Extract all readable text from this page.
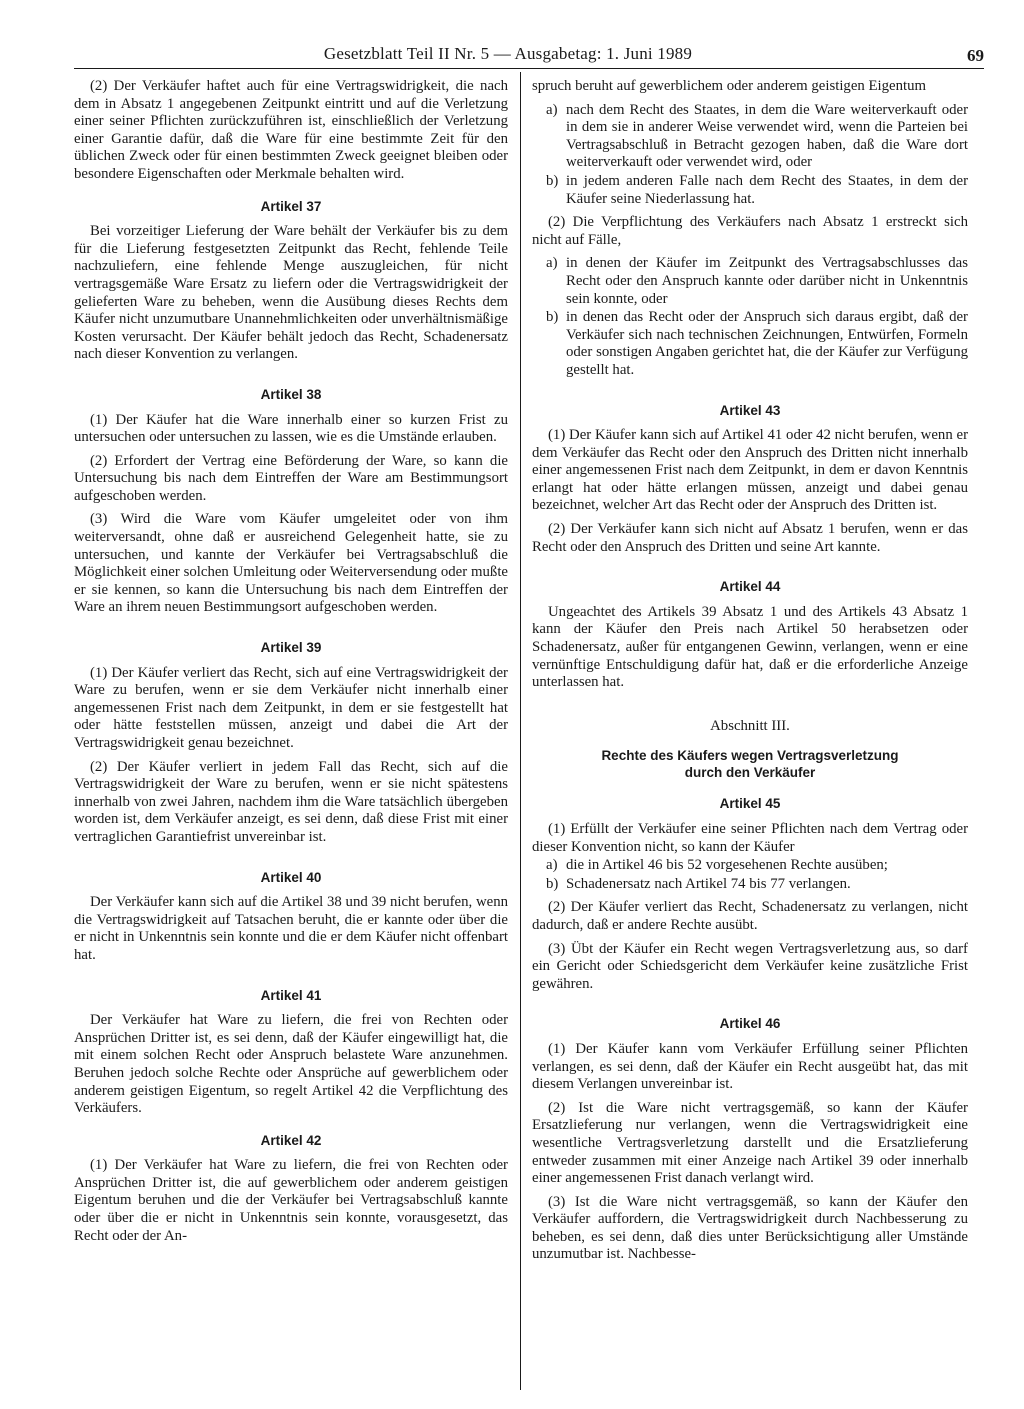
Gesetzblatt Teil II Nr. 5 — Ausgabetag: 1. Juni 1989	69

(2) Der Verkäufer haftet auch für eine Vertragswidrigkeit, die nach dem in Absatz 1 angegebenen Zeitpunkt eintritt und auf die Verletzung einer seiner Pflichten zurückzuführen ist, einschließlich der Verletzung einer Garantie dafür, daß die Ware für eine bestimmte Zeit für den üblichen Zweck oder für einen bestimmten Zweck geeignet bleiben oder besondere Eigenschaften oder Merkmale behalten wird.

Artikel 37

Bei vorzeitiger Lieferung der Ware behält der Verkäufer bis zu dem für die Lieferung festgesetzten Zeitpunkt das Recht, fehlende Teile nachzuliefern, eine fehlende Menge auszugleichen, für nicht vertragsgemäße Ware Ersatz zu liefern oder die Vertragswidrigkeit der gelieferten Ware zu beheben, wenn die Ausübung dieses Rechts dem Käufer nicht unzumutbare Unannehmlichkeiten oder unverhältnismäßige Kosten verursacht. Der Käufer behält jedoch das Recht, Schadenersatz nach dieser Konvention zu verlangen.

Artikel 38

(1) Der Käufer hat die Ware innerhalb einer so kurzen Frist zu untersuchen oder untersuchen zu lassen, wie es die Umstände erlauben.

(2) Erfordert der Vertrag eine Beförderung der Ware, so kann die Untersuchung bis nach dem Eintreffen der Ware am Bestimmungsort aufgeschoben werden.

(3) Wird die Ware vom Käufer umgeleitet oder von ihm weiterversandt, ohne daß er ausreichend Gelegenheit hatte, sie zu untersuchen, und kannte der Verkäufer bei Vertragsabschluß die Möglichkeit einer solchen Umleitung oder Weiterversendung oder mußte er sie kennen, so kann die Untersuchung bis nach dem Eintreffen der Ware an ihrem neuen Bestimmungsort aufgeschoben werden.

Artikel 39

(1) Der Käufer verliert das Recht, sich auf eine Vertragswidrigkeit der Ware zu berufen, wenn er sie dem Verkäufer nicht innerhalb einer angemessenen Frist nach dem Zeitpunkt, in dem er sie festgestellt hat oder hätte feststellen müssen, anzeigt und dabei die Art der Vertragswidrigkeit genau bezeichnet.

(2) Der Käufer verliert in jedem Fall das Recht, sich auf die Vertragswidrigkeit der Ware zu berufen, wenn er sie nicht spätestens innerhalb von zwei Jahren, nachdem ihm die Ware tatsächlich übergeben worden ist, dem Verkäufer anzeigt, es sei denn, daß diese Frist mit einer vertraglichen Garantiefrist unvereinbar ist.

Artikel 40

Der Verkäufer kann sich auf die Artikel 38 und 39 nicht berufen, wenn die Vertragswidrigkeit auf Tatsachen beruht, die er kannte oder über die er nicht in Unkenntnis sein konnte und die er dem Käufer nicht offenbart hat.

Artikel 41

Der Verkäufer hat Ware zu liefern, die frei von Rechten oder Ansprüchen Dritter ist, es sei denn, daß der Käufer eingewilligt hat, die mit einem solchen Recht oder Anspruch belastete Ware anzunehmen. Beruhen jedoch solche Rechte oder Ansprüche auf gewerblichem oder anderem geistigen Eigentum, so regelt Artikel 42 die Verpflichtung des Verkäufers.

Artikel 42

(1) Der Verkäufer hat Ware zu liefern, die frei von Rechten oder Ansprüchen Dritter ist, die auf gewerblichem oder anderem geistigen Eigentum beruhen und die der Verkäufer bei Vertragsabschluß kannte oder über die er nicht in Unkenntnis sein konnte, vorausgesetzt, das Recht oder der An-

spruch beruht auf gewerblichem oder anderem geistigen Eigentum

a) nach dem Recht des Staates, in dem die Ware weiterverkauft oder in dem sie in anderer Weise verwendet wird, wenn die Parteien bei Vertragsabschluß in Betracht gezogen haben, daß die Ware dort weiterverkauft oder verwendet wird, oder
b) in jedem anderen Falle nach dem Recht des Staates, in dem der Käufer seine Niederlassung hat.

(2) Die Verpflichtung des Verkäufers nach Absatz 1 erstreckt sich nicht auf Fälle,

a) in denen der Käufer im Zeitpunkt des Vertragsabschlusses das Recht oder den Anspruch kannte oder darüber nicht in Unkenntnis sein konnte, oder
b) in denen das Recht oder der Anspruch sich daraus ergibt, daß der Verkäufer sich nach technischen Zeichnungen, Entwürfen, Formeln oder sonstigen Angaben gerichtet hat, die der Käufer zur Verfügung gestellt hat.
Artikel 43

(1) Der Käufer kann sich auf Artikel 41 oder 42 nicht berufen, wenn er dem Verkäufer das Recht oder den Anspruch des Dritten nicht innerhalb einer angemessenen Frist nach dem Zeitpunkt, in dem er davon Kenntnis erlangt hat oder hätte erlangen müssen, anzeigt und dabei genau bezeichnet, welcher Art das Recht oder der Anspruch des Dritten ist.

(2) Der Verkäufer kann sich nicht auf Absatz 1 berufen, wenn er das Recht oder den Anspruch des Dritten und seine Art kannte.

Artikel 44

Ungeachtet des Artikels 39 Absatz 1 und des Artikels 43 Absatz 1 kann der Käufer den Preis nach Artikel 50 herabsetzen oder Schadenersatz, außer für entgangenen Gewinn, verlangen, wenn er eine vernünftige Entschuldigung dafür hat, daß er die erforderliche Anzeige unterlassen hat.

Abschnitt III.
Rechte des Käufers wegen Vertragsverletzung
durch den Verkäufer
Artikel 45

(1) Erfüllt der Verkäufer eine seiner Pflichten nach dem Vertrag oder dieser Konvention nicht, so kann der Käufer

a) die in Artikel 46 bis 52 vorgesehenen Rechte ausüben;
b) Schadenersatz nach Artikel 74 bis 77 verlangen.

(2) Der Käufer verliert das Recht, Schadenersatz zu verlangen, nicht dadurch, daß er andere Rechte ausübt.

(3) Übt der Käufer ein Recht wegen Vertragsverletzung aus, so darf ein Gericht oder Schiedsgericht dem Verkäufer keine zusätzliche Frist gewähren.

Artikel 46

(1) Der Käufer kann vom Verkäufer Erfüllung seiner Pflichten verlangen, es sei denn, daß der Käufer ein Recht ausgeübt hat, das mit diesem Verlangen unvereinbar ist.

(2) Ist die Ware nicht vertragsgemäß, so kann der Käufer Ersatzlieferung nur verlangen, wenn die Vertragswidrigkeit eine wesentliche Vertragsverletzung darstellt und die Ersatzlieferung entweder zusammen mit einer Anzeige nach Artikel 39 oder innerhalb einer angemessenen Frist danach verlangt wird.

(3) Ist die Ware nicht vertragsgemäß, so kann der Käufer den Verkäufer auffordern, die Vertragswidrigkeit durch Nachbesserung zu beheben, es sei denn, daß dies unter Berücksichtigung aller Umstände unzumutbar ist. Nachbesse-
